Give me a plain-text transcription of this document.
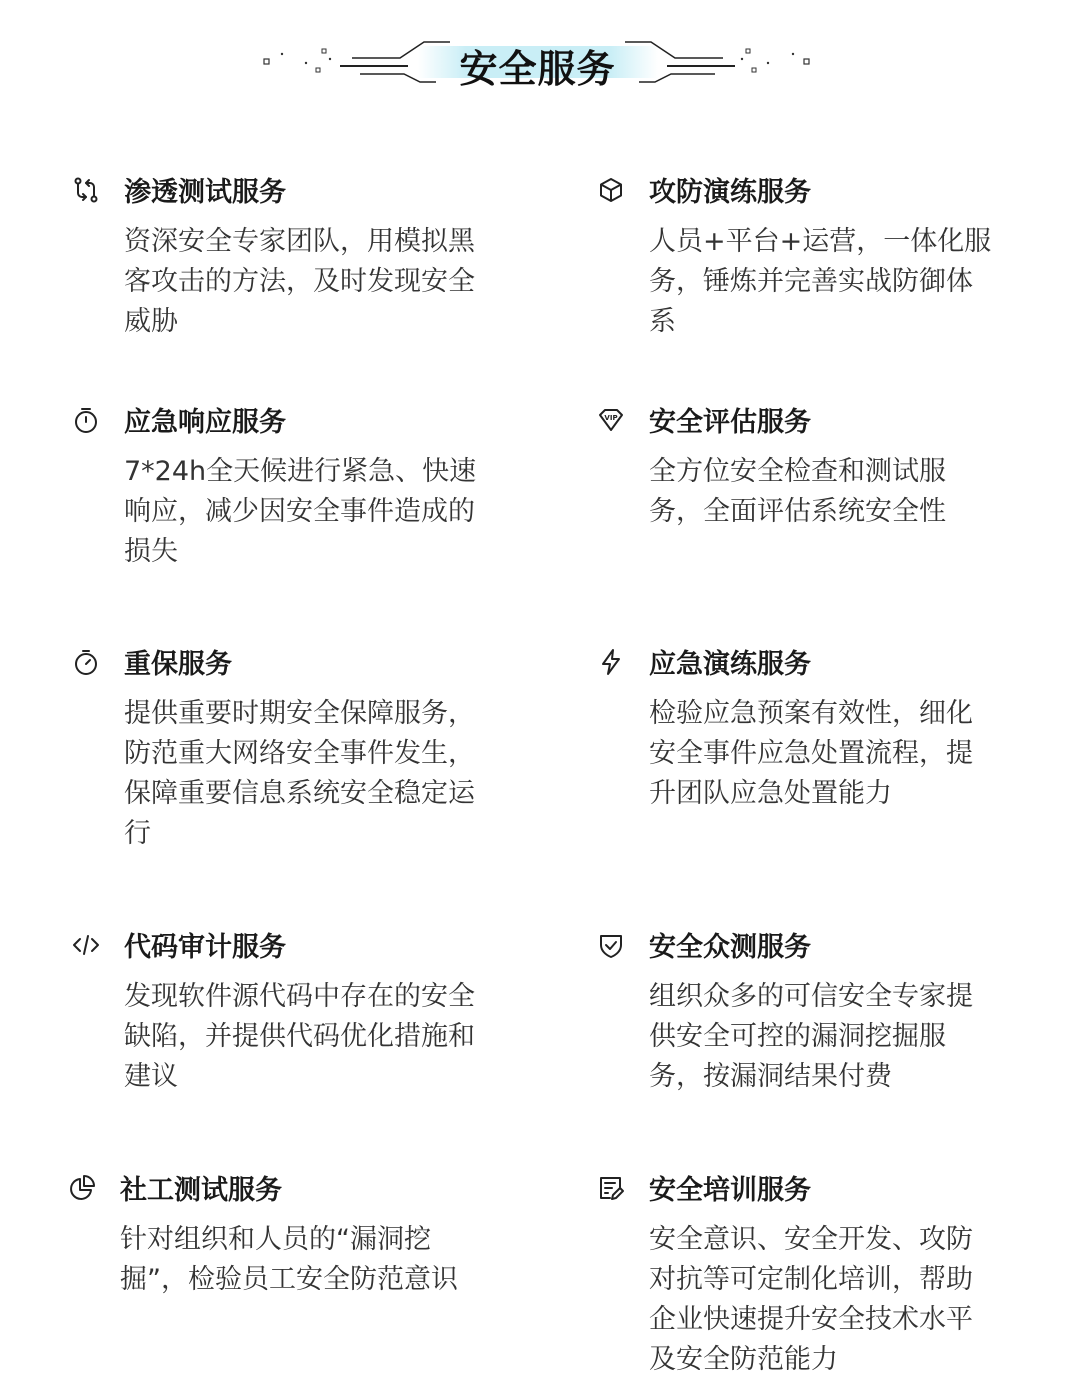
安全服务
渗透测试服务
资深安全专家团队，用模拟黑客攻击的方法，及时发现安全威胁
攻防演练服务
人员+平台+运营，一体化服务，锤炼并完善实战防御体系
应急响应服务
7*24h全天候进行紧急、快速响应，减少因安全事件造成的损失
VIP 安全评估服务
全方位安全检查和测试服务，全面评估系统安全性
重保服务
提供重要时期安全保障服务，防范重大网络安全事件发生，保障重要信息系统安全稳定运行
应急演练服务
检验应急预案有效性，细化安全事件应急处置流程，提升团队应急处置能力
代码审计服务
发现软件源代码中存在的安全缺陷，并提供代码优化措施和建议
安全众测服务
组织众多的可信安全专家提供安全可控的漏洞挖掘服务，按漏洞结果付费
社工测试服务
针对组织和人员的“漏洞挖掘”，检验员工安全防范意识
安全培训服务
安全意识、安全开发、攻防对抗等可定制化培训，帮助企业快速提升安全技术水平及安全防范能力
